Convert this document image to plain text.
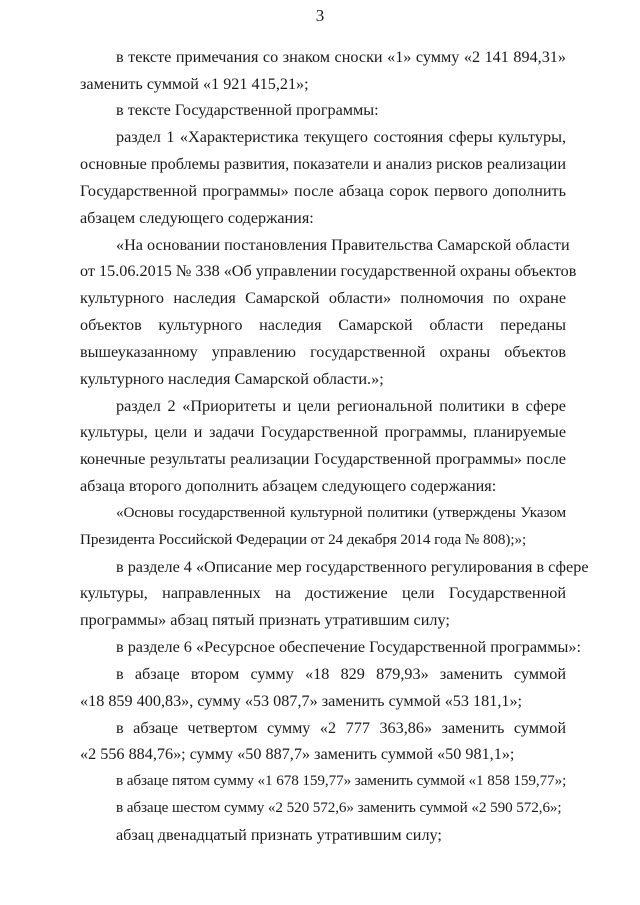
3
в тексте примечания со знаком сноски «1» сумму «2 141 894,31»
заменить суммой «1 921 415,21»;
в тексте Государственной программы:
раздел 1 «Характеристика текущего состояния сферы культуры,
основные проблемы развития, показатели и анализ рисков реализации
Государственной программы» после абзаца сорок первого дополнить
абзацем следующего содержания:
«На основании постановления Правительства Самарской области
от 15.06.2015 № 338 «Об управлении государственной охраны объектов
культурного наследия Самарской области» полномочия по охране
объектов культурного наследия Самарской области переданы
вышеуказанному управлению государственной охраны объектов
культурного наследия Самарской области.»;
раздел 2 «Приоритеты и цели региональной политики в сфере
культуры, цели и задачи Государственной программы, планируемые
конечные результаты реализации Государственной программы» после
абзаца второго дополнить абзацем следующего содержания:
«Основы государственной культурной политики (утверждены Указом
Президента Российской Федерации от 24 декабря 2014 года № 808);»;
в разделе 4 «Описание мер государственного регулирования в сфере
культуры, направленных на достижение цели Государственной
программы» абзац пятый признать утратившим силу;
в разделе 6 «Ресурсное обеспечение Государственной программы»:
в абзаце втором сумму «18 829 879,93» заменить суммой
«18 859 400,83», сумму «53 087,7» заменить суммой «53 181,1»;
в абзаце четвертом сумму «2 777 363,86» заменить суммой
«2 556 884,76»; сумму «50 887,7» заменить суммой «50 981,1»;
в абзаце пятом сумму «1 678 159,77» заменить суммой «1 858 159,77»;
в абзаце шестом сумму «2 520 572,6» заменить суммой «2 590 572,6»;
абзац двенадцатый признать утратившим силу;
